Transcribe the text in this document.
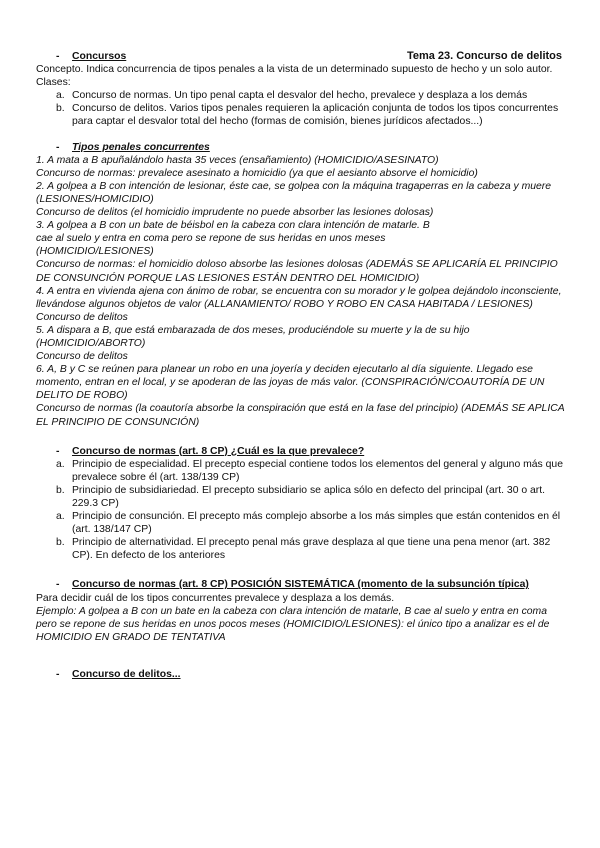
Tema 23. Concurso de delitos
-	Concursos

Concepto. Indica concurrencia de tipos penales a la vista de un determinado supuesto de hecho y un solo autor.

Clases:

a. Concurso de normas. Un tipo penal capta el desvalor del hecho, prevalece y desplaza a los demás
b. Concurso de delitos. Varios tipos penales requieren la aplicación conjunta de todos los tipos concurrentes para captar el desvalor total del hecho (formas de comisión, bienes jurídicos afectados...)
-	Tipos penales concurrentes

1. A mata a B apuñalándolo hasta 35 veces (ensañamiento) (HOMICIDIO/ASESINATO)

Concurso de normas: prevalece asesinato a homicidio (ya que el aesianto absorve el homicidio)

2. A golpea a B con intención de lesionar, éste cae, se golpea con la máquina tragaperras en la cabeza y muere (LESIONES/HOMICIDIO)

Concurso de delitos (el homicidio imprudente no puede absorber las lesiones dolosas)

3. A golpea a B con un bate de béisbol en la cabeza con clara intención de matarle. B

cae al suelo y entra en coma pero se repone de sus heridas en unos meses

(HOMICIDIO/LESIONES)

Concurso de normas: el homicidio doloso absorbe las lesiones dolosas (ADEMÁS SE APLICARÍA EL PRINCIPIO DE CONSUNCIÓN PORQUE LAS LESIONES ESTÁN DENTRO DEL HOMICIDIO)

4. A entra en vivienda ajena con ánimo de robar, se encuentra con su morador y le golpea dejándolo inconsciente, llevándose algunos objetos de valor (ALLANAMIENTO/ ROBO Y ROBO EN CASA HABITADA / LESIONES)

Concurso de delitos

5. A dispara a B, que está embarazada de dos meses, produciéndole su muerte y la de su hijo (HOMICIDIO/ABORTO)

Concurso de delitos

6. A, B y C se reúnen para planear un robo en una joyería y deciden ejecutarlo al día siguiente. Llegado ese momento, entran en el local, y se apoderan de las joyas de más valor. (CONSPIRACIÓN/COAUTORÍA DE UN DELITO DE ROBO)

Concurso de normas (la coautoría absorbe la conspiración que está en la fase del principio) (ADEMÁS SE APLICA EL PRINCIPIO DE CONSUNCIÓN)

-	Concurso de normas (art. 8 CP) ¿Cuál es la que prevalece?
a. Principio de especialidad. El precepto especial contiene todos los elementos del general y alguno más que prevalece sobre él (art. 138/139 CP)
b. Principio de subsidiariedad. El precepto subsidiario se aplica sólo en defecto del principal (art. 30 o art. 229.3 CP)
a. Principio de consunción. El precepto más complejo absorbe a los más simples que están contenidos en él (art. 138/147 CP)
b. Principio de alternatividad. El precepto penal más grave desplaza al que tiene una pena menor (art. 382 CP). En defecto de los anteriores
-	Concurso de normas (art. 8 CP) POSICIÓN SISTEMÁTICA (momento de la subsunción típica)

Para decidir cuál de los tipos concurrentes prevalece y desplaza a los demás.

Ejemplo: A golpea a B con un bate en la cabeza con clara intención de matarle, B cae al suelo y entra en coma pero se repone de sus heridas en unos pocos meses (HOMICIDIO/LESIONES): el único tipo a analizar es el de HOMICIDIO EN GRADO DE TENTATIVA

-	Concurso de delitos...
